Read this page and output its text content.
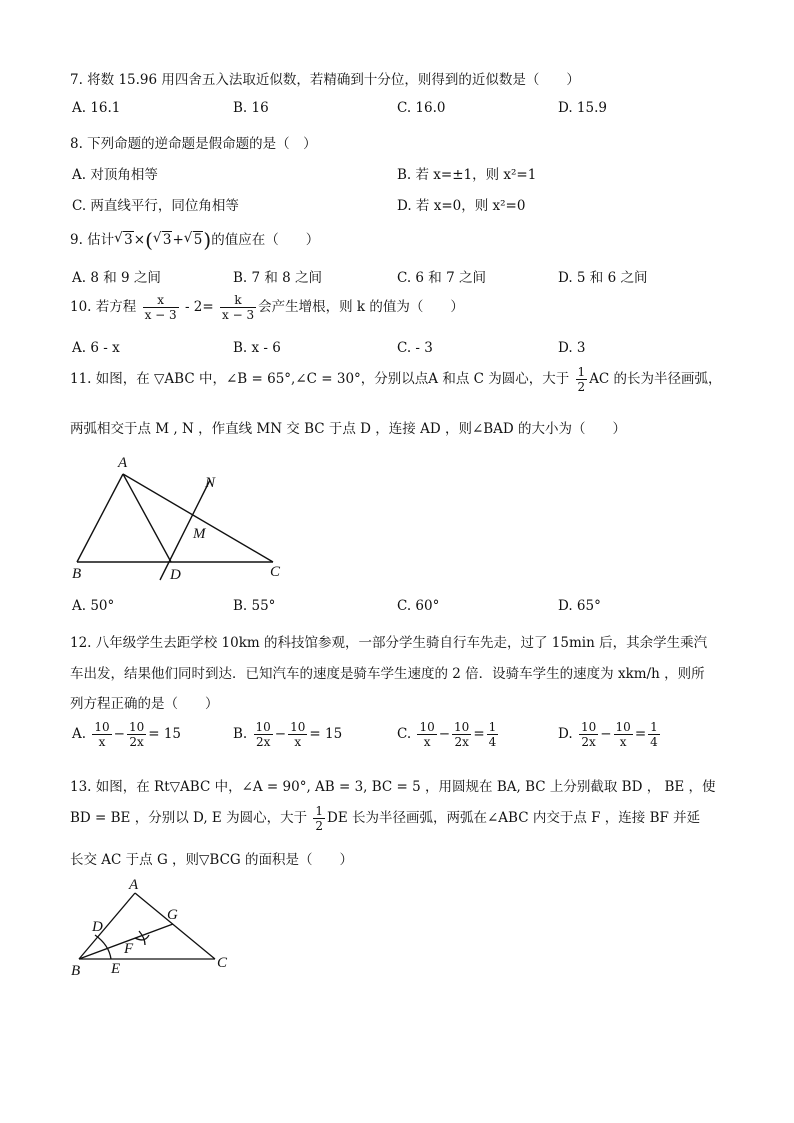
7. 将数 15.96 用四舍五入法取近似数，若精确到十分位，则得到的近似数是（　　）
A. 16.1	B. 16	C. 16.0	D. 15.9
8. 下列命题的逆命题是假命题的是（　）
A. 对顶角相等	B. 若 x=±1，则 x²=1
C. 两直线平行，同位角相等	D. 若 x=0，则 x²=0
9. 估计 √ 3×( √ 3+ √ 5)的值应在（　　）
A. 8 和 9 之间	B. 7 和 8 之间	C. 6 和 7 之间	D. 5 和 6 之间
10. 若方程 $\frac{x}{x - 3} - 2= \frac{k}{x - 3}$ 会产生增根，则 k 的值为（　　）
A. 6 - x	B. x - 6	C. - 3	D. 3
11. 如图，在 ▽ABC 中，∠B = 65°,∠C = 30°，分别以点A 和点 C 为圆心，大于 $\frac{1}{2}$ AC 的长为半径画弧，
两弧相交于点 M , N ，作直线 MN 交 BC 于点 D ，连接 AD ，则∠BAD 的大小为（　　）
A
B	C
D
M
N
A. 50°	B. 55°	C. 60°	D. 65°
12. 八年级学生去距学校 10km 的科技馆参观，一部分学生骑自行车先走，过了 15min 后，其余学生乘汽
车出发，结果他们同时到达．已知汽车的速度是骑车学生速度的 2 倍．设骑车学生的速度为 xkm/h ，则所
列方程正确的是（　　）
A. $\frac{10}{x} - \frac{10}{2x} = 15$	B. $\frac{10}{2x} - \frac{10}{x} = 15$	C. $\frac{10}{x} - \frac{10}{2x} = \frac{1}{4}$	D. $\frac{10}{2x} - \frac{10}{x} = \frac{1}{4}$
13. 如图，在 Rt▽ABC 中，∠A = 90°, AB = 3, BC = 5 ，用圆规在 BA, BC 上分别截取 BD ， BE ，使
BD = BE ，分别以 D, E 为圆心，大于 $\frac{1}{2}$ DE 长为半径画弧，两弧在∠ABC 内交于点 F ，连接 BF 并延
长交 AC 于点 G ，则▽BCG 的面积是（　　）
A
B	C
D
E
F
G
